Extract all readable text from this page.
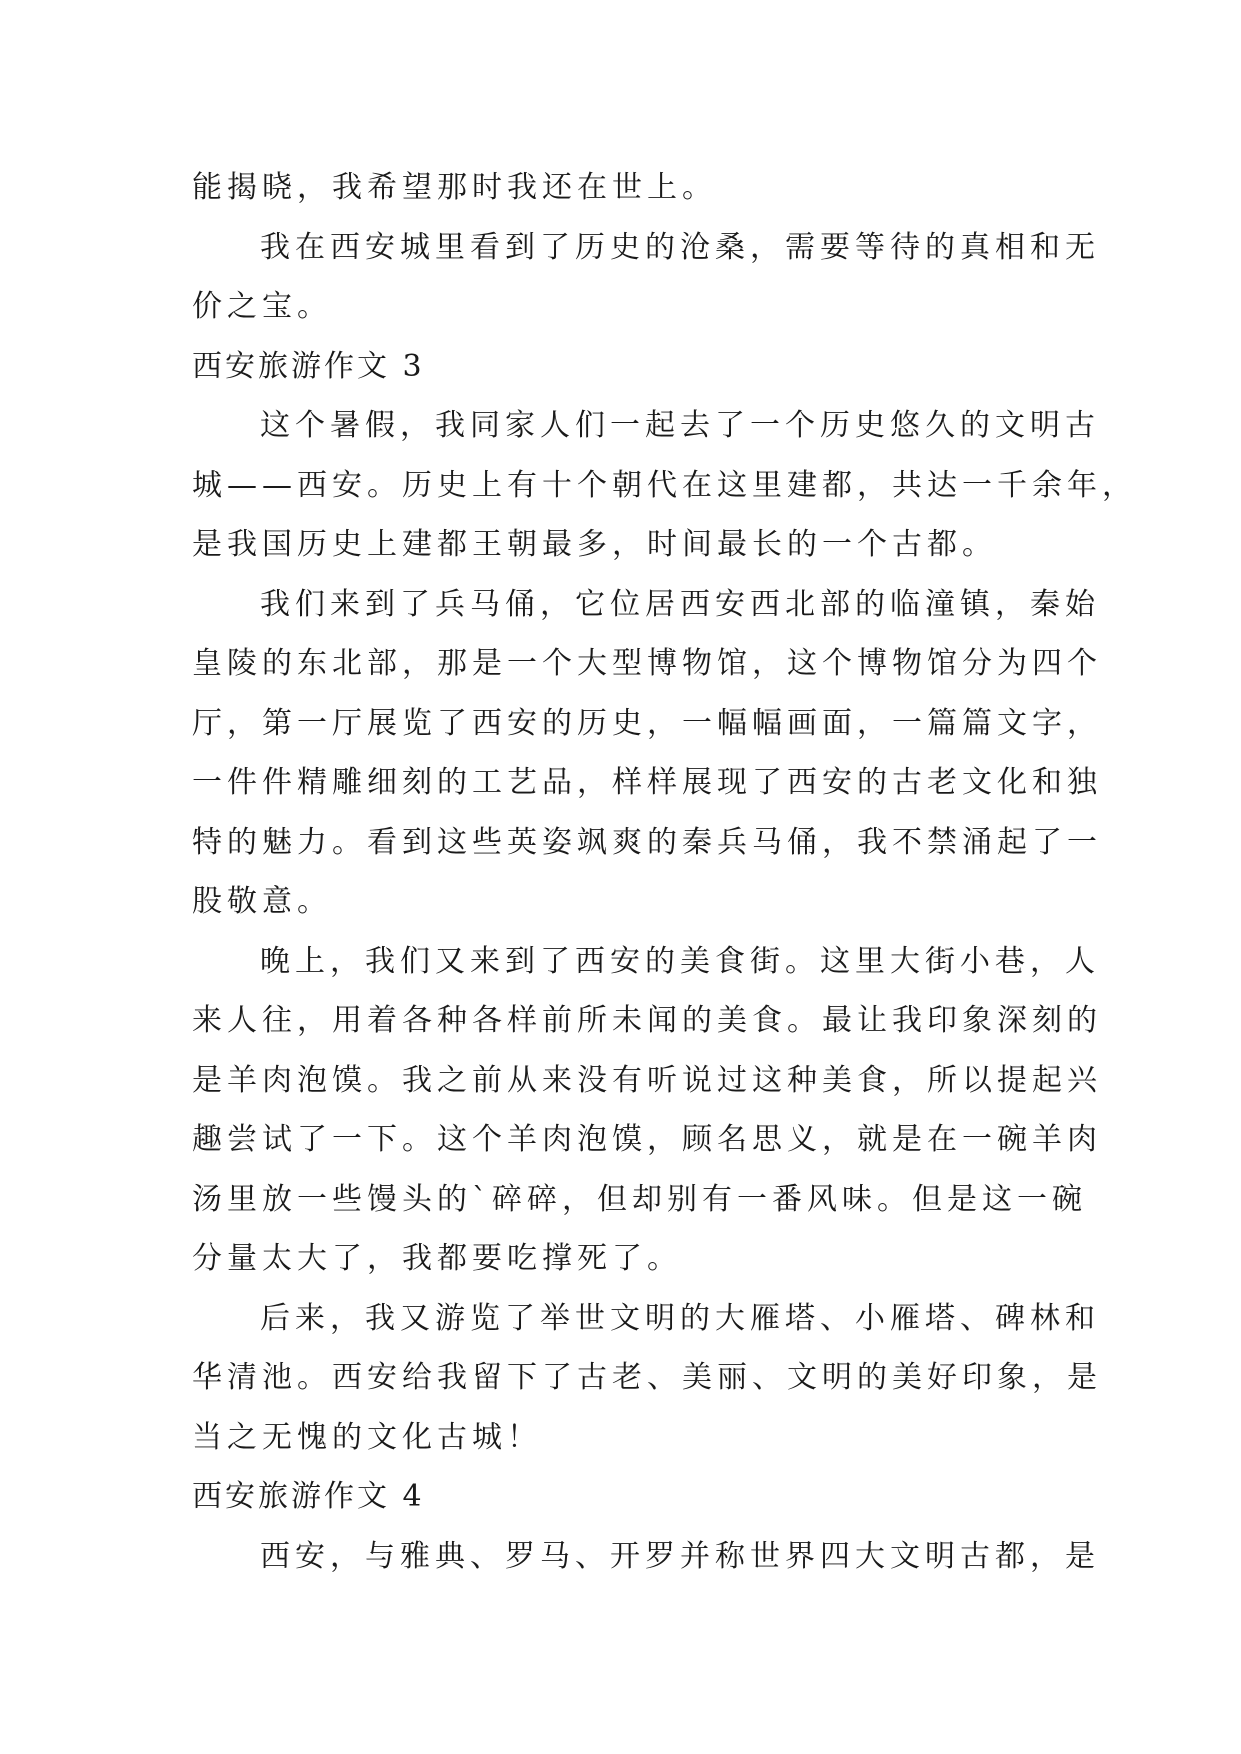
能揭晓，我希望那时我还在世上。
我在西安城里看到了历史的沧桑，需要等待的真相和无
价之宝。
西安旅游作文 3
这个暑假，我同家人们一起去了一个历史悠久的文明古
城——西安。历史上有十个朝代在这里建都，共达一千余年，
是我国历史上建都王朝最多，时间最长的一个古都。
我们来到了兵马俑，它位居西安西北部的临潼镇，秦始
皇陵的东北部，那是一个大型博物馆，这个博物馆分为四个
厅，第一厅展览了西安的历史，一幅幅画面，一篇篇文字，
一件件精雕细刻的工艺品，样样展现了西安的古老文化和独
特的魅力。看到这些英姿飒爽的秦兵马俑，我不禁涌起了一
股敬意。
晚上，我们又来到了西安的美食街。这里大街小巷，人
来人往，用着各种各样前所未闻的美食。最让我印象深刻的
是羊肉泡馍。我之前从来没有听说过这种美食，所以提起兴
趣尝试了一下。这个羊肉泡馍，顾名思义，就是在一碗羊肉
汤里放一些馒头的`碎碎，但却别有一番风味。但是这一碗
分量太大了，我都要吃撑死了。
后来，我又游览了举世文明的大雁塔、小雁塔、碑林和
华清池。西安给我留下了古老、美丽、文明的美好印象，是
当之无愧的文化古城！
西安旅游作文 4
西安，与雅典、罗马、开罗并称世界四大文明古都，是
